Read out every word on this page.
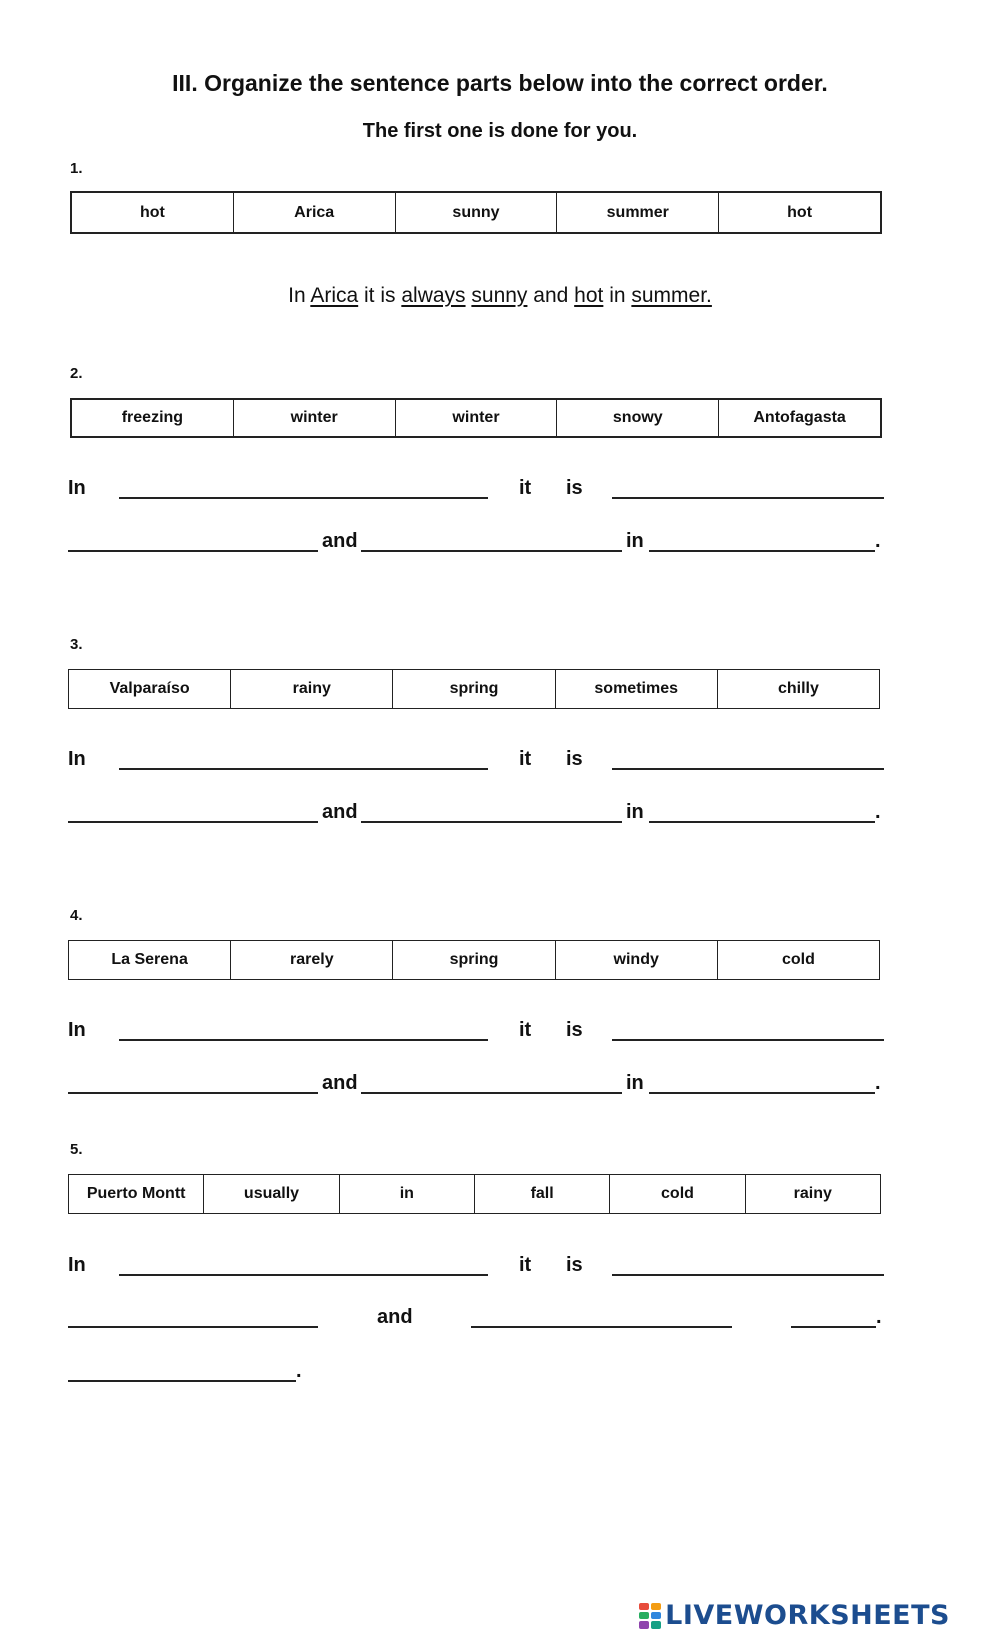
III. Organize the sentence parts below into the correct order.
The first one is done for you.
1.
hot	Arica	sunny	summer	hot
In Arica it is always sunny and hot in summer.
2.
freezing	winter	winter	snowy	Antofagasta
In	it is
and	in	.
3.
Valparaíso	rainy	spring	sometimes	chilly
In	it is
and	in	.
4.
La Serena	rarely	spring	windy	cold
In	it is
and	in	.
5.
Puerto Montt	usually	in	fall	cold	rainy
In	it is
and	.
.
LIVEWORKSHEETS
